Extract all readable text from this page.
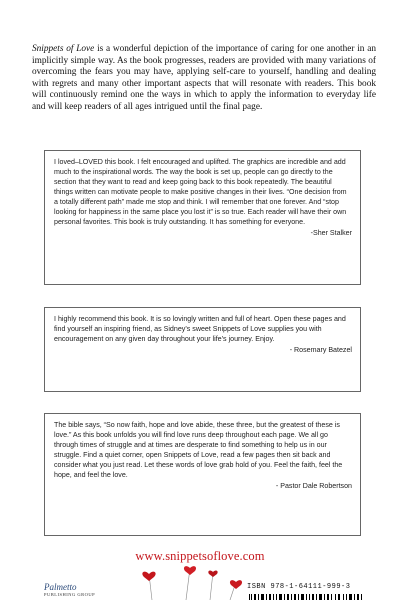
Snippets of Love is a wonderful depiction of the importance of caring for one another in an implicitly simple way. As the book progresses, readers are provided with many variations of overcoming the fears you may have, applying self-care to yourself, handling and dealing with regrets and many other important aspects that will resonate with readers. This book will continuously remind one the ways in which to apply the information to everyday life and will keep readers of all ages intrigued until the final page.
I loved–LOVED this book. I felt encouraged and uplifted. The graphics are incredible and add much to the inspirational words. The way the book is set up, people can go directly to the section that they want to read and keep going back to this book repeatedly. The beautiful things written can motivate people to make positive changes in their lives. “One decision from a totally different path” made me stop and think. I will remember that one forever. And “stop looking for happiness in the same place you lost it” is so true. Each reader will have their own personal favorites. This book is truly outstanding. It has something for everyone.
-Sher Stalker
I highly recommend this book. It is so lovingly written and full of heart. Open these pages and find yourself an inspiring friend, as Sidney’s sweet Snippets of Love supplies you with encouragement on any given day throughout your life’s journey. Enjoy.
- Rosemary Batezel
The bible says, “So now faith, hope and love abide, these three, but the greatest of these is love.” As this book unfolds you will find love runs deep throughout each page. We all go through times of struggle and at times are desperate to find something to help us in our struggle. Find a quiet corner, open Snippets of Love, read a few pages then sit back and consider what you just read. Let these words of love grab hold of you. Feel the faith, feel the hope, and feel the love.
- Pastor Dale Robertson
www.snippetsoflove.com
Palmetto
PUBLISHING GROUP
ISBN 978-1-64111-999-3
